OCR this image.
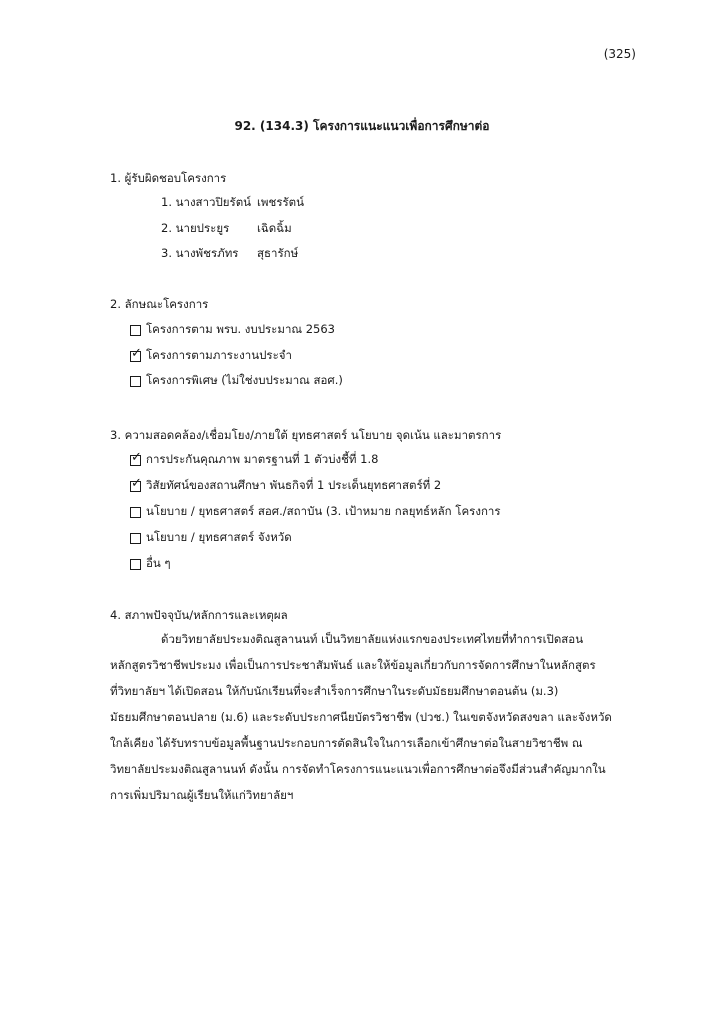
(325)
92. (134.3) โครงการแนะแนวเพื่อการศึกษาต่อ
1. ผู้รับผิดชอบโครงการ
1. นางสาวปิยรัตน์ เพชรรัตน์
2. นายประยูร	เฉิดฉิ้ม
3. นางพัชรภัทร	สุธารักษ์
2. ลักษณะโครงการ
โครงการตาม พรบ. งบประมาณ 2563
✓ โครงการตามภาระงานประจำ
โครงการพิเศษ (ไม่ใช่งบประมาณ สอศ.)
3. ความสอดคล้อง/เชื่อมโยง/ภายใต้ ยุทธศาสตร์ นโยบาย จุดเน้น และมาตรการ
✓ การประกันคุณภาพ มาตรฐานที่ 1 ตัวบ่งชี้ที่ 1.8
✓ วิสัยทัศน์ของสถานศึกษา พันธกิจที่ 1 ประเด็นยุทธศาสตร์ที่ 2
นโยบาย / ยุทธศาสตร์ สอศ./สถาบัน (3. เป้าหมาย กลยุทธ์หลัก โครงการ
นโยบาย / ยุทธศาสตร์ จังหวัด
อื่น ๆ
4. สภาพปัจจุบัน/หลักการและเหตุผล
ด้วยวิทยาลัยประมงติณสูลานนท์ เป็นวิทยาลัยแห่งแรกของประเทศไทยที่ทำการเปิดสอน
หลักสูตรวิชาชีพประมง เพื่อเป็นการประชาสัมพันธ์ และให้ข้อมูลเกี่ยวกับการจัดการศึกษาในหลักสูตร
ที่วิทยาลัยฯ ได้เปิดสอน ให้กับนักเรียนที่จะสำเร็จการศึกษาในระดับมัธยมศึกษาตอนต้น (ม.3)
มัธยมศึกษาตอนปลาย (ม.6) และระดับประกาศนียบัตรวิชาชีพ (ปวช.) ในเขตจังหวัดสงขลา และจังหวัด
ใกล้เคียง ได้รับทราบข้อมูลพื้นฐานประกอบการตัดสินใจในการเลือกเข้าศึกษาต่อในสายวิชาชีพ ณ
วิทยาลัยประมงติณสูลานนท์ ดังนั้น การจัดทำโครงการแนะแนวเพื่อการศึกษาต่อจึงมีส่วนสำคัญมากใน
การเพิ่มปริมาณผู้เรียนให้แก่วิทยาลัยฯ
